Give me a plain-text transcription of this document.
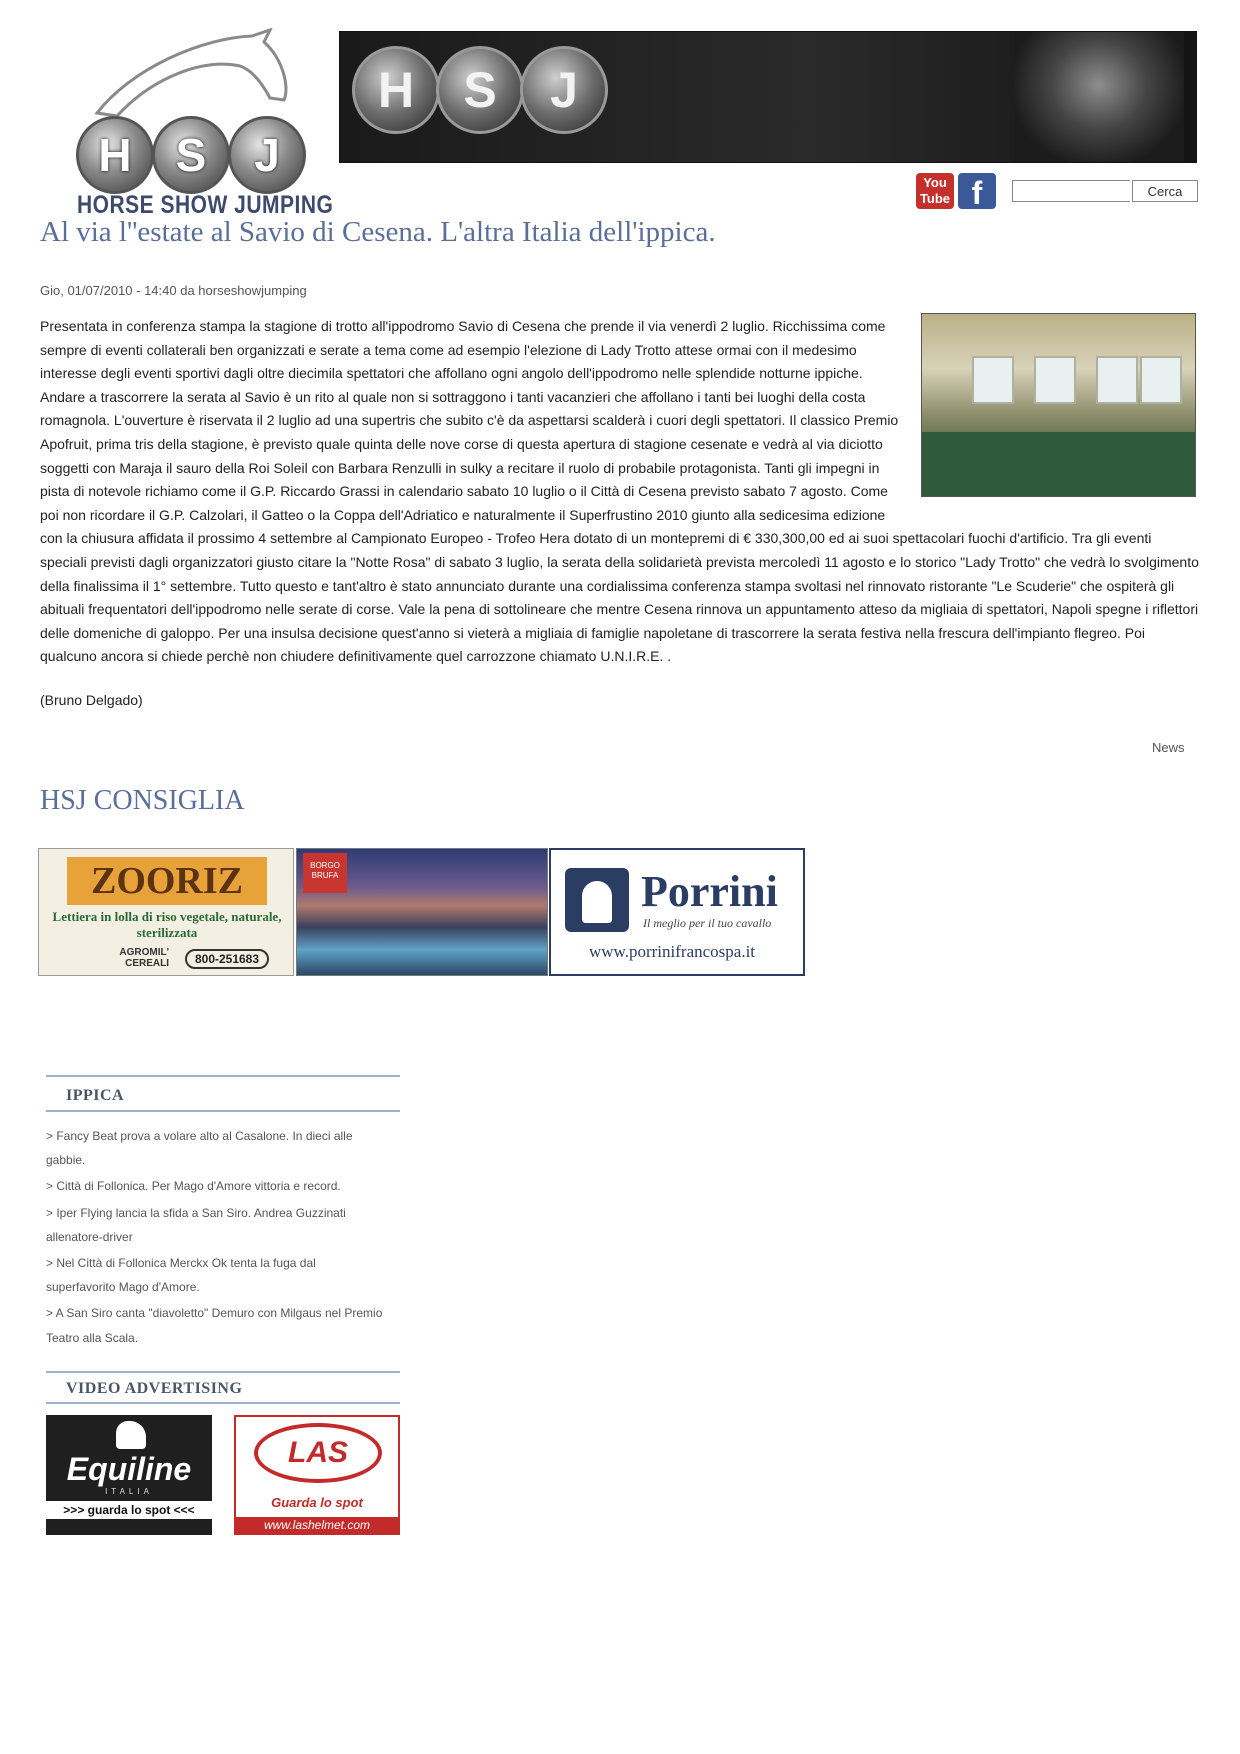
H S	J
HORSE SHOW JUMPING
H S	J
You Tube f	Cerca
Al via l''estate al Savio di Cesena. L'altra Italia dell'ippica.
Gio, 01/07/2010 - 14:40 da horseshowjumping

Presentata in conferenza stampa la stagione di trotto all'ippodromo Savio di Cesena che prende il via venerdì 2 luglio. Ricchissima come sempre di eventi collaterali ben organizzati e serate a tema come ad esempio l'elezione di Lady Trotto attese ormai con il medesimo interesse degli eventi sportivi dagli oltre diecimila spettatori che affollano ogni angolo dell'ippodromo nelle splendide notturne ippiche. Andare a trascorrere la serata al Savio è un rito al quale non si sottraggono i tanti vacanzieri che affollano i tanti bei luoghi della costa romagnola. L'ouverture è riservata il 2 luglio ad una supertris che subito c'è da aspettarsi scalderà i cuori degli spettatori. Il classico Premio Apofruit, prima tris della stagione, è previsto quale quinta delle nove corse di questa apertura di stagione cesenate e vedrà al via diciotto soggetti con Maraja il sauro della Roi Soleil con Barbara Renzulli in sulky a recitare il ruolo di probabile protagonista. Tanti gli impegni in pista di notevole richiamo come il G.P. Riccardo Grassi in calendario sabato 10 luglio o il Città di Cesena previsto sabato 7 agosto. Come poi non ricordare il G.P. Calzolari, il Gatteo o la Coppa dell'Adriatico e naturalmente il Superfrustino 2010 giunto alla sedicesima edizione con la chiusura affidata il prossimo 4 settembre al Campionato Europeo - Trofeo Hera dotato di un montepremi di € 330,300,00 ed ai suoi spettacolari fuochi d'artificio. Tra gli eventi speciali previsti dagli organizzatori giusto citare la "Notte Rosa" di sabato 3 luglio, la serata della solidarietà prevista mercoledì 11 agosto e lo storico "Lady Trotto" che vedrà lo svolgimento della finalissima il 1° settembre. Tutto questo e tant'altro è stato annunciato durante una cordialissima conferenza stampa svoltasi nel rinnovato ristorante "Le Scuderie" che ospiterà gli abituali frequentatori dell'ippodromo nelle serate di corse. Vale la pena di sottolineare che mentre Cesena rinnova un appuntamento atteso da migliaia di spettatori, Napoli spegne i riflettori delle domeniche di galoppo. Per una insulsa decisione quest'anno si vieterà a migliaia di famiglie napoletane di trascorrere la serata festiva nella frescura dell'impianto flegreo. Poi qualcuno ancora si chiede perchè non chiudere definitivamente quel carrozzone chiamato U.N.I.R.E. .

(Bruno Delgado)
News
HSJ CONSIGLIA
ZOORIZ
Lettiera in lolla di riso vegetale, naturale, sterilizzata
AGROMIL' CEREALI	800-251683
BORGO BRUFA	Porrini
Il meglio per il tuo cavallo
www.porrinifrancospa.it
IPPICA
> Fancy Beat prova a volare alto al Casalone. In dieci alle gabbie.
> Città di Follonica. Per Mago d'Amore vittoria e record.
> Iper Flying lancia la sfida a San Siro. Andrea Guzzinati allenatore-driver
> Nel Città di Follonica Merckx Ok tenta la fuga dal superfavorito Mago d'Amore.
> A San Siro canta "diavoletto" Demuro con Milgaus nel Premio Teatro alla Scala.
VIDEO ADVERTISING
Equiline
ITALIA
>>> guarda lo spot <<<
LAS
Guarda lo spot
www.lashelmet.com
